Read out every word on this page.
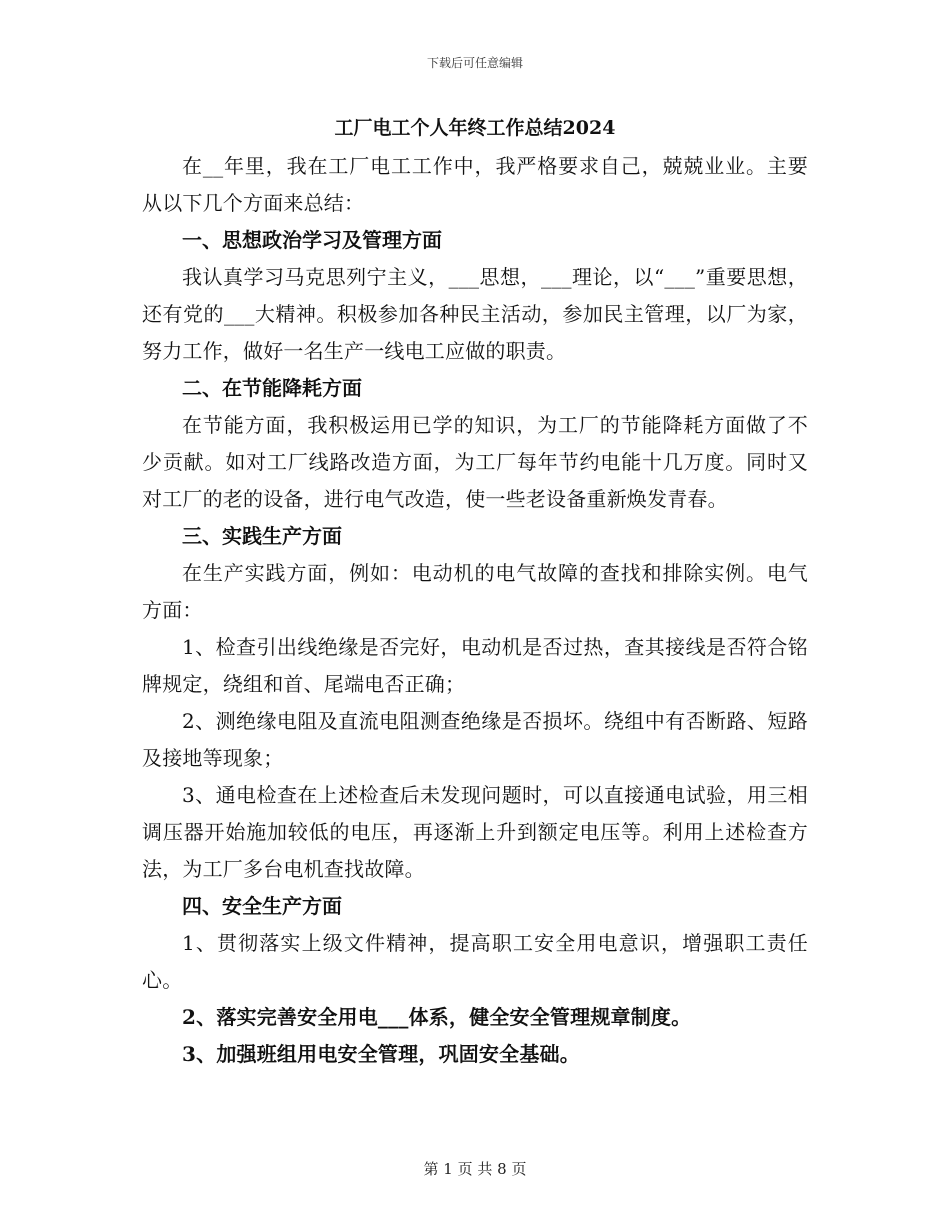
下载后可任意编辑
工厂电工个人年终工作总结2024

在__年里，我在工厂电工工作中，我严格要求自己，兢兢业业。主要从以下几个方面来总结：

一、思想政治学习及管理方面

我认真学习马克思列宁主义，___思想，___理论，以“___”重要思想，还有党的___大精神。积极参加各种民主活动，参加民主管理，以厂为家，努力工作，做好一名生产一线电工应做的职责。

二、在节能降耗方面

在节能方面，我积极运用已学的知识，为工厂的节能降耗方面做了不少贡献。如对工厂线路改造方面，为工厂每年节约电能十几万度。同时又对工厂的老的设备，进行电气改造，使一些老设备重新焕发青春。

三、实践生产方面

在生产实践方面，例如：电动机的电气故障的查找和排除实例。电气方面：

1、检查引出线绝缘是否完好，电动机是否过热，查其接线是否符合铭牌规定，绕组和首、尾端电否正确；

2、测绝缘电阻及直流电阻测查绝缘是否损坏。绕组中有否断路、短路及接地等现象；

3、通电检查在上述检查后未发现问题时，可以直接通电试验，用三相调压器开始施加较低的电压，再逐渐上升到额定电压等。利用上述检查方法，为工厂多台电机查找故障。

四、安全生产方面

1、贯彻落实上级文件精神，提高职工安全用电意识，增强职工责任心。

2、落实完善安全用电___体系，健全安全管理规章制度。

3、加强班组用电安全管理，巩固安全基础。

第 1 页 共 8 页
